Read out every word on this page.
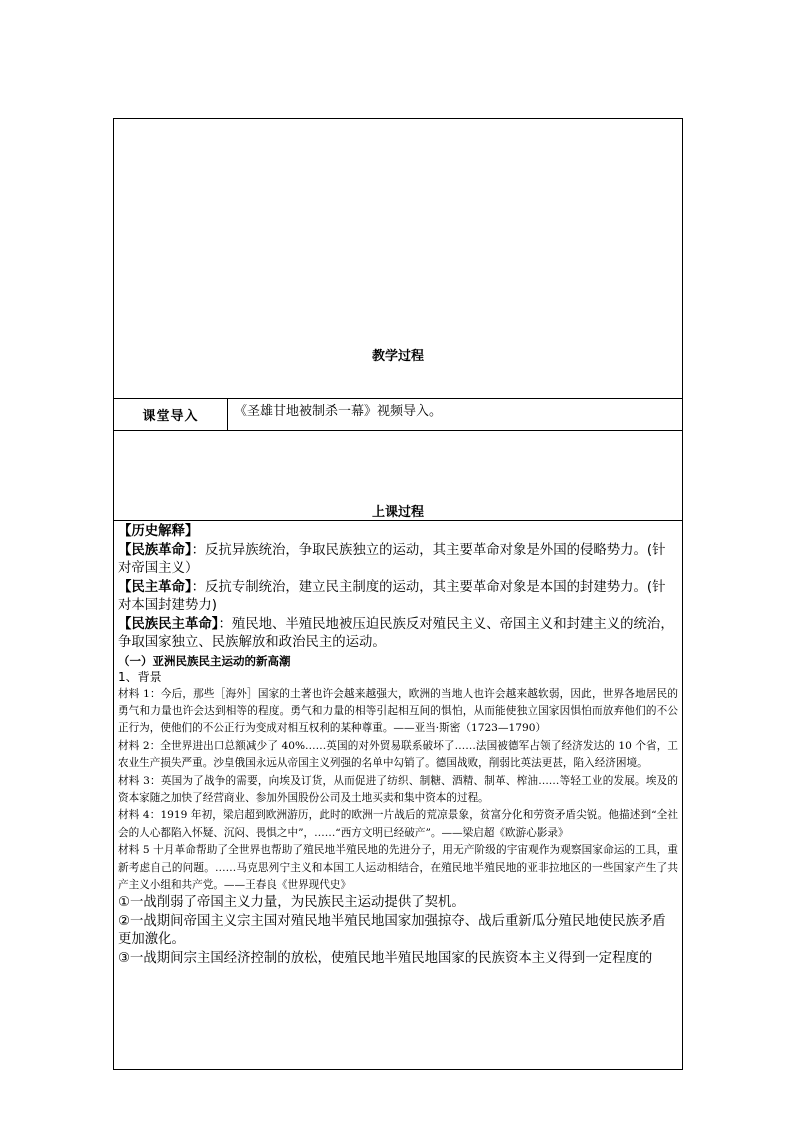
教学过程
课堂导入	《圣雄甘地被制杀一幕》视频导入。
上课过程

【历史解释】

【民族革命】：反抗异族统治，争取民族独立的运动，其主要革命对象是外国的侵略势力。(针对帝国主义）

【民主革命】：反抗专制统治，建立民主制度的运动，其主要革命对象是本国的封建势力。(针对本国封建势力)

【民族民主革命】：殖民地、半殖民地被压迫民族反对殖民主义、帝国主义和封建主义的统治，争取国家独立、民族解放和政治民主的运动。

（一）亚洲民族民主运动的新高潮

1、背景

材料 1：今后，那些［海外］国家的土著也许会越来越强大，欧洲的当地人也许会越来越软弱，因此，世界各地居民的勇气和力量也许会达到相等的程度。勇气和力量的相等引起相互间的惧怕，从而能使独立国家因惧怕而放弃他们的不公正行为，使他们的不公正行为变成对相互权利的某种尊重。——亚当·斯密（1723—1790）

材料 2：全世界进出口总额减少了 40%……英国的对外贸易联系破坏了……法国被德军占领了经济发达的 10 个省，工农业生产损失严重。沙皇俄国永远从帝国主义列强的名单中勾销了。德国战败，削弱比英法更甚，陷入经济困境。

材料 3：英国为了战争的需要，向埃及订货，从而促进了纺织、制糖、酒精、制革、榨油……等轻工业的发展。埃及的资本家随之加快了经营商业、参加外国股份公司及土地买卖和集中资本的过程。

材料 4：1919 年初，梁启超到欧洲游历，此时的欧洲一片战后的荒凉景象，贫富分化和劳资矛盾尖锐。他描述到“全社会的人心都陷入怀疑、沉闷、畏惧之中”，……“西方文明已经破产”。——梁启超《欧游心影录》

材料 5 十月革命帮助了全世界也帮助了殖民地半殖民地的先进分子，用无产阶级的宇宙观作为观察国家命运的工具，重新考虑自己的问题。……马克思列宁主义和本国工人运动相结合，在殖民地半殖民地的亚非拉地区的一些国家产生了共产主义小组和共产党。——王春良《世界现代史》

①一战削弱了帝国主义力量，为民族民主运动提供了契机。

②一战期间帝国主义宗主国对殖民地半殖民地国家加强掠夺、战后重新瓜分殖民地使民族矛盾更加激化。

③一战期间宗主国经济控制的放松，使殖民地半殖民地国家的民族资本主义得到一定程度的
